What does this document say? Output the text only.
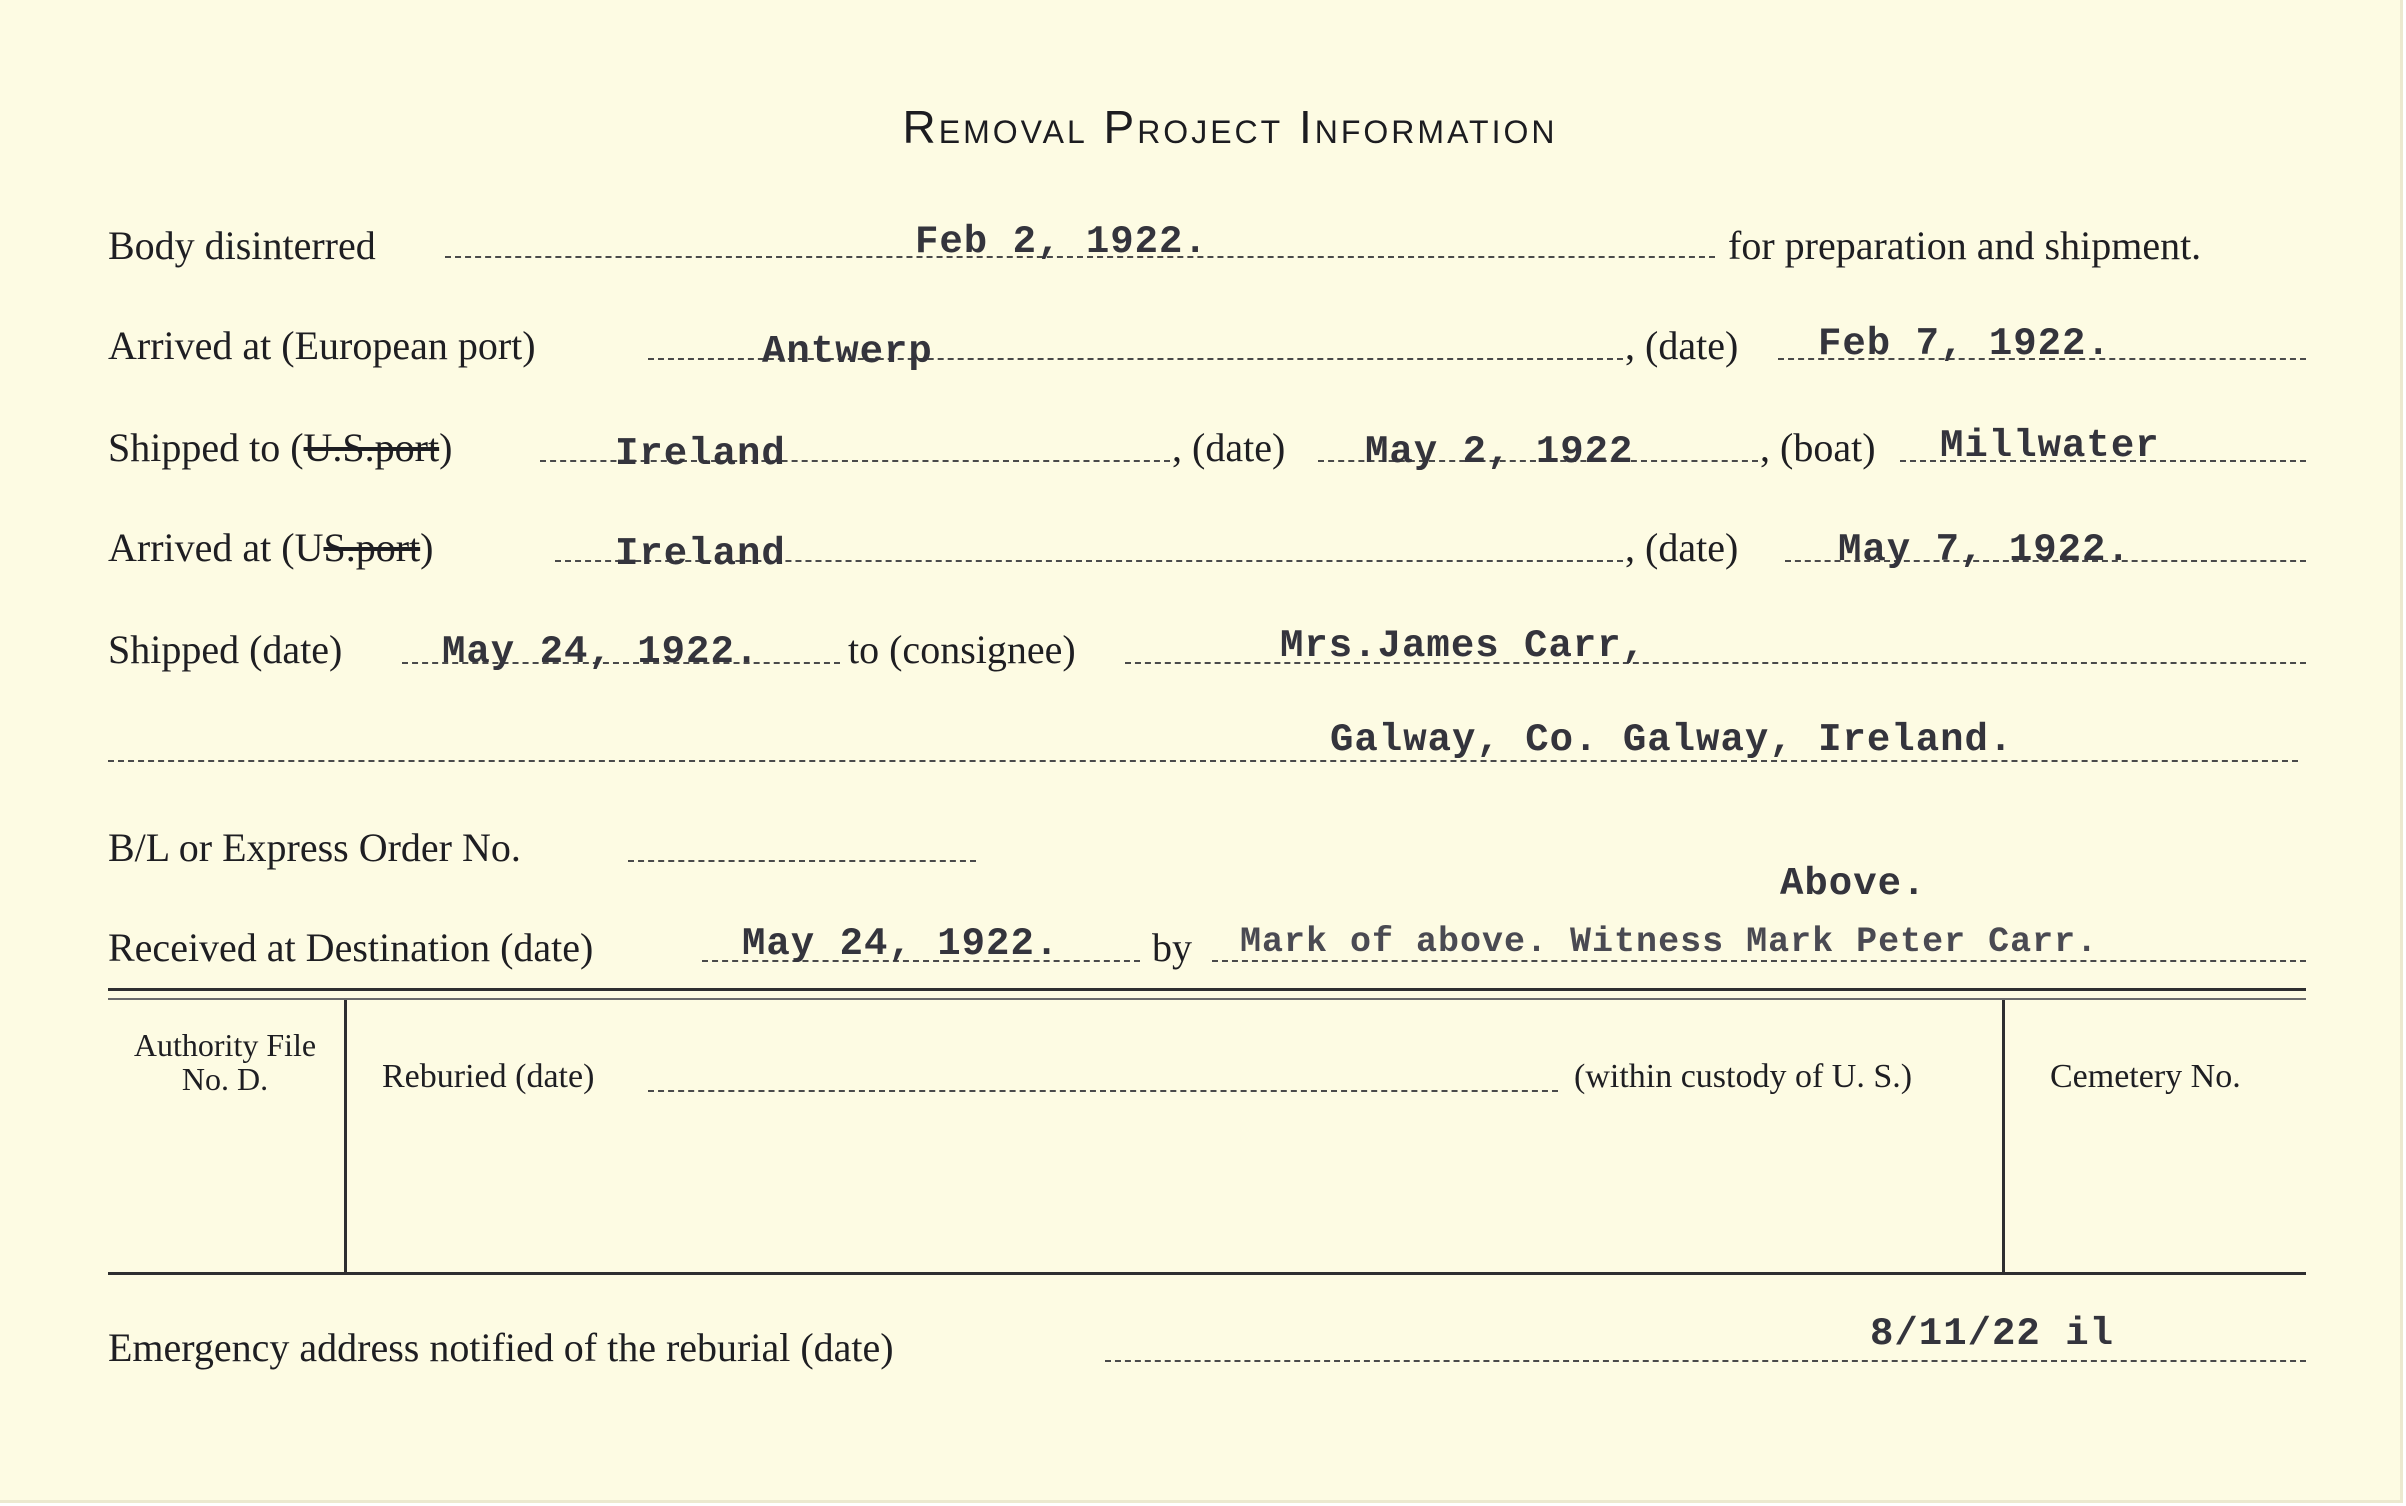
Removal Project Information
Body disinterred	Feb 2, 1922.	for preparation and shipment.
Arrived at (European port)	Antwerp	, (date) Feb 7, 1922.
Shipped to (U.S.port)	Ireland	, (date) May 2, 1922	, (boat) Millwater
Arrived at (US.port)	Ireland	, (date)	May 7, 1922.
Shipped (date)	May 24, 1922. to (consignee)	Mrs.James Carr,
Galway, Co. Galway, Ireland.
B/L or Express Order No.
Above.
Received at Destination (date)	May 24, 1922. by Mark of above. Witness Mark Peter Carr.
Authority File No. D.	Reburied (date)	(within custody of U. S.)	Cemetery No.
Emergency address notified of the reburial (date)	8/11/22 il
